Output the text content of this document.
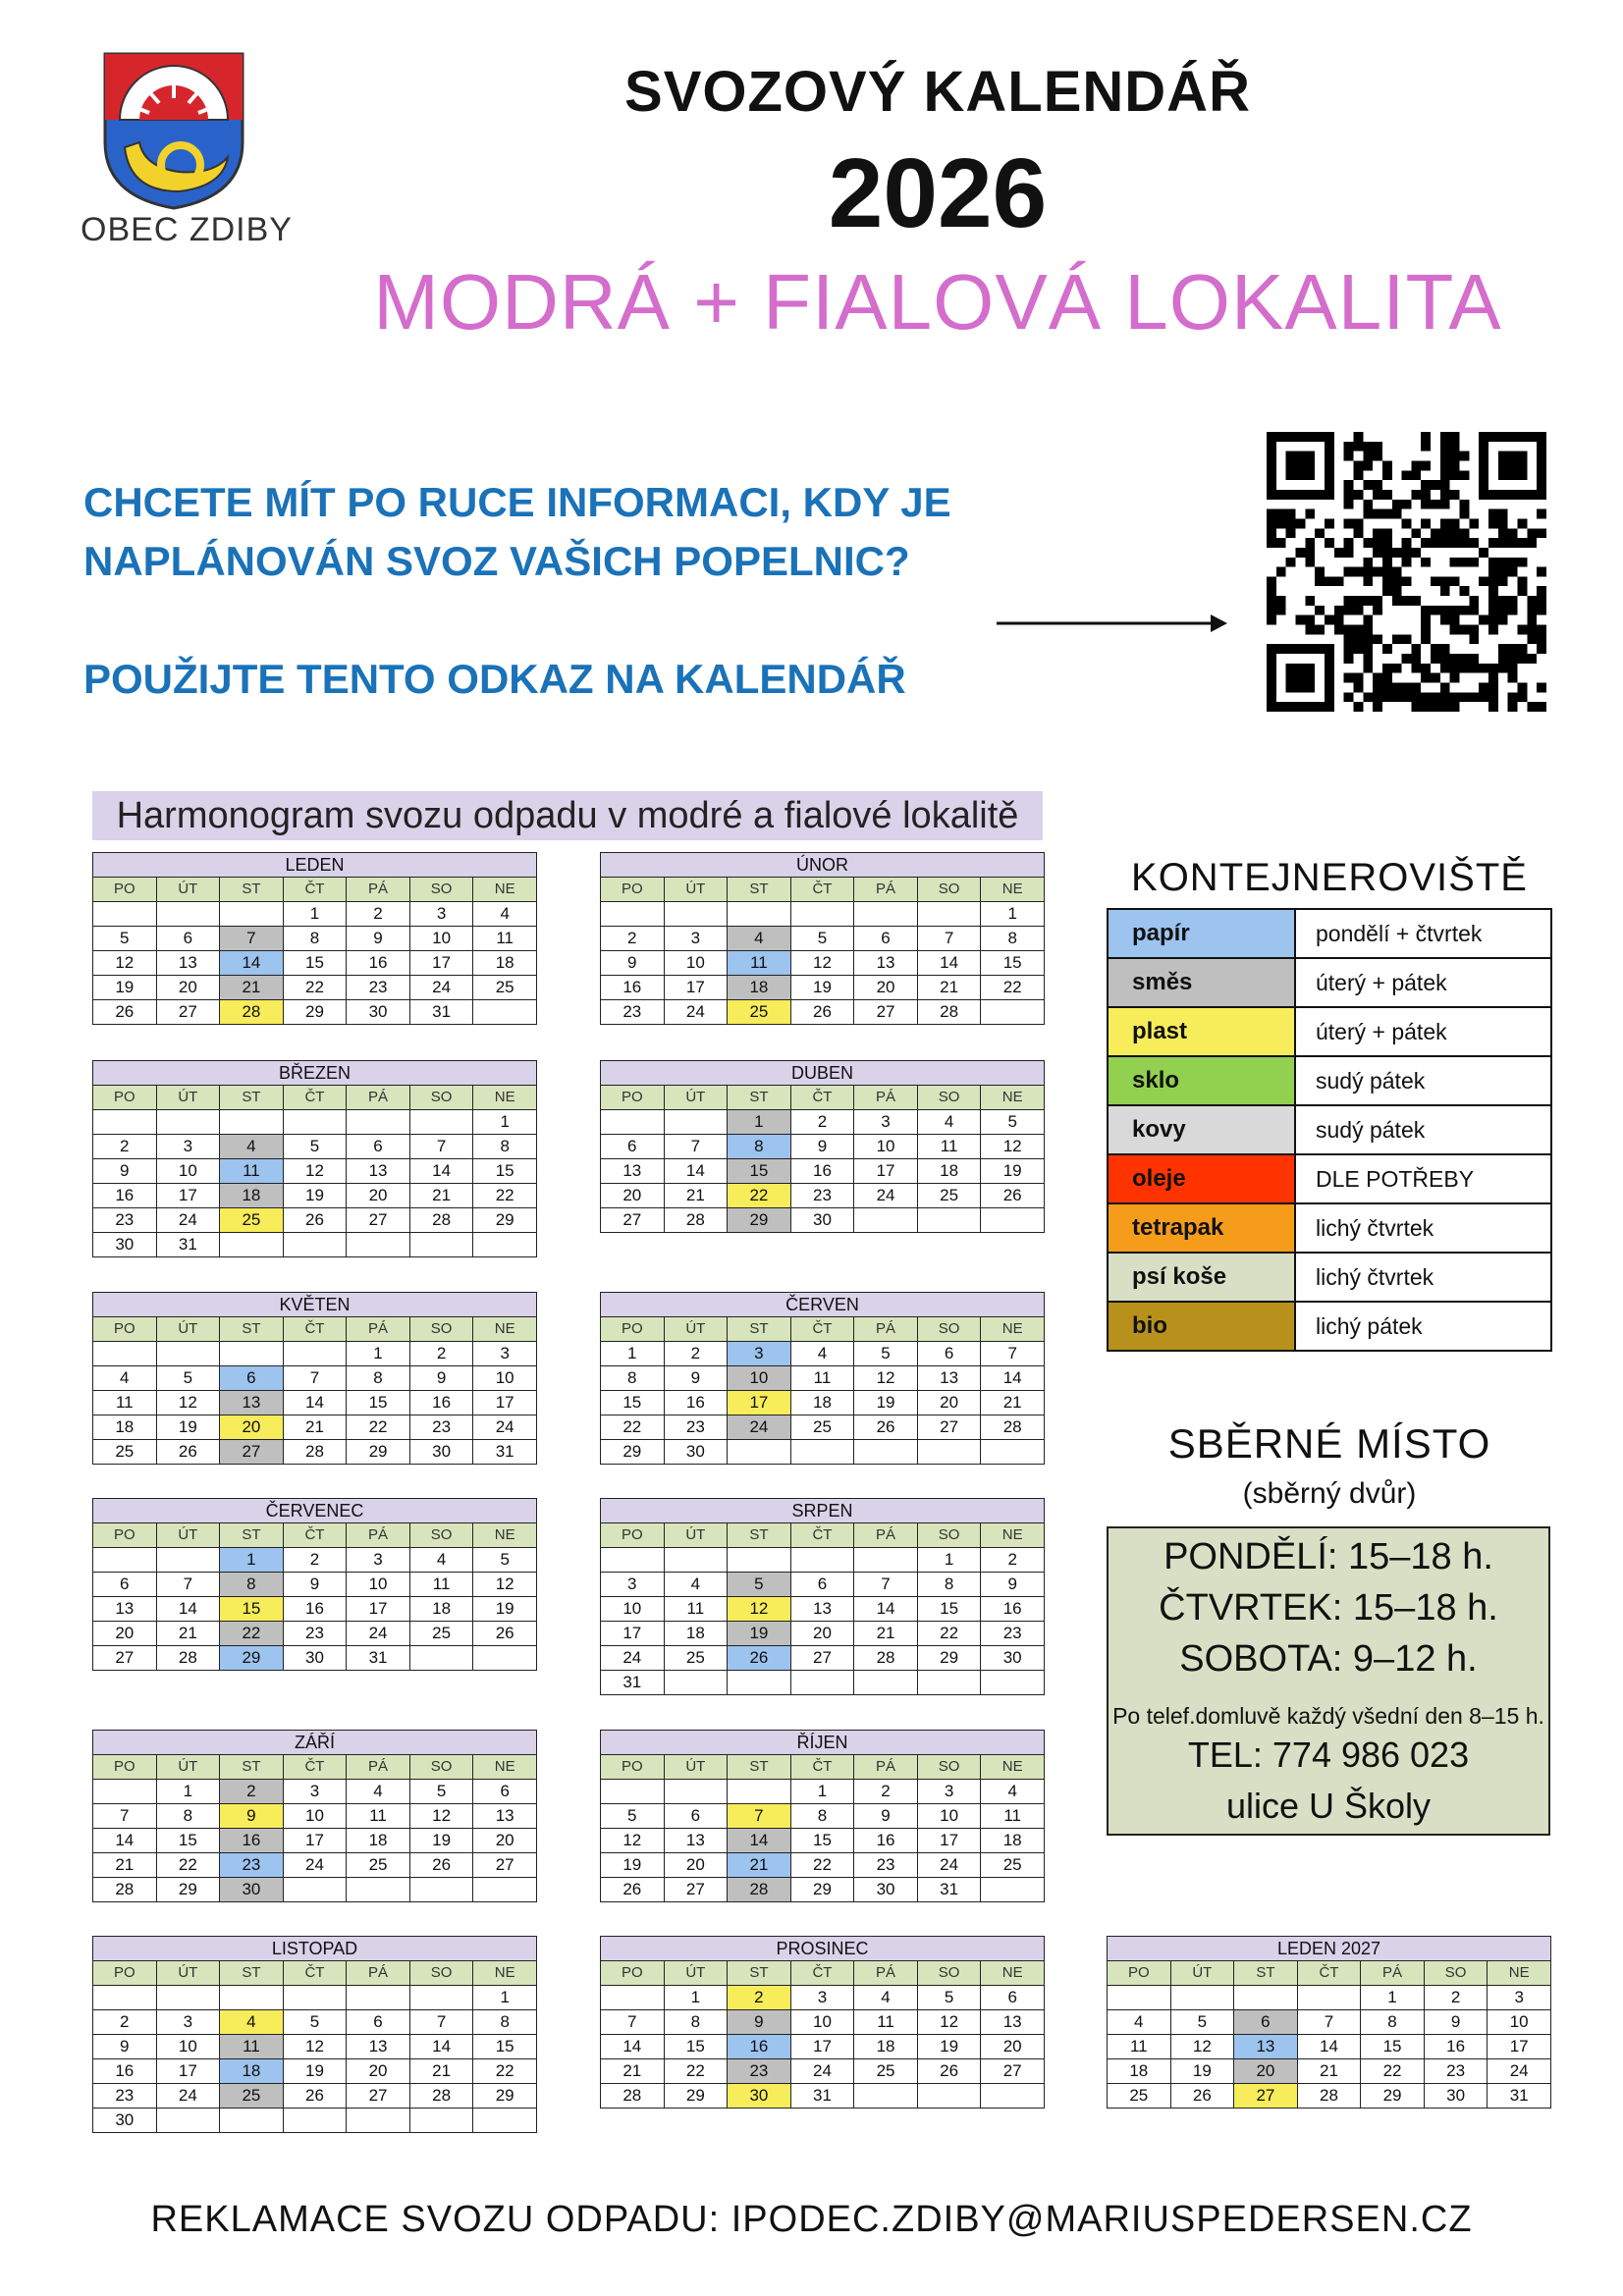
OBEC ZDIBY
SVOZOVÝ KALENDÁŘ
2026
MODRÁ + FIALOVÁ LOKALITA
CHCETE MÍT PO RUCE INFORMACI, KDY JE
NAPLÁNOVÁN SVOZ VAŠICH POPELNIC?
POUŽIJTE TENTO ODKAZ NA KALENDÁŘ
Harmonogram svozu odpadu v modré a fialové lokalitě
LEDEN						
PO	ÚT	ST	ČT	PÁ	SO	NE
			1	2	3	4
5	6	7	8	9	10	11
12	13	14	15	16	17	18
19	20	21	22	23	24	25
26	27	28	29	30	31	
ÚNOR						
PO	ÚT	ST	ČT	PÁ	SO	NE
						1
2	3	4	5	6	7	8
9	10	11	12	13	14	15
16	17	18	19	20	21	22
23	24	25	26	27	28	
BŘEZEN						
PO	ÚT	ST	ČT	PÁ	SO	NE
						1
2	3	4	5	6	7	8
9	10	11	12	13	14	15
16	17	18	19	20	21	22
23	24	25	26	27	28	29
30	31					
DUBEN						
PO	ÚT	ST	ČT	PÁ	SO	NE
		1	2	3	4	5
6	7	8	9	10	11	12
13	14	15	16	17	18	19
20	21	22	23	24	25	26
27	28	29	30			
KVĚTEN						
PO	ÚT	ST	ČT	PÁ	SO	NE
				1	2	3
4	5	6	7	8	9	10
11	12	13	14	15	16	17
18	19	20	21	22	23	24
25	26	27	28	29	30	31
ČERVEN						
PO	ÚT	ST	ČT	PÁ	SO	NE
1	2	3	4	5	6	7
8	9	10	11	12	13	14
15	16	17	18	19	20	21
22	23	24	25	26	27	28
29	30					
ČERVENEC						
PO	ÚT	ST	ČT	PÁ	SO	NE
		1	2	3	4	5
6	7	8	9	10	11	12
13	14	15	16	17	18	19
20	21	22	23	24	25	26
27	28	29	30	31		
SRPEN						
PO	ÚT	ST	ČT	PÁ	SO	NE
					1	2
3	4	5	6	7	8	9
10	11	12	13	14	15	16
17	18	19	20	21	22	23
24	25	26	27	28	29	30
31						
ZÁŘÍ						
PO	ÚT	ST	ČT	PÁ	SO	NE
	1	2	3	4	5	6
7	8	9	10	11	12	13
14	15	16	17	18	19	20
21	22	23	24	25	26	27
28	29	30				
ŘÍJEN						
PO	ÚT	ST	ČT	PÁ	SO	NE
			1	2	3	4
5	6	7	8	9	10	11
12	13	14	15	16	17	18
19	20	21	22	23	24	25
26	27	28	29	30	31	
LISTOPAD						
PO	ÚT	ST	ČT	PÁ	SO	NE
						1
2	3	4	5	6	7	8
9	10	11	12	13	14	15
16	17	18	19	20	21	22
23	24	25	26	27	28	29
30						
PROSINEC						
PO	ÚT	ST	ČT	PÁ	SO	NE
	1	2	3	4	5	6
7	8	9	10	11	12	13
14	15	16	17	18	19	20
21	22	23	24	25	26	27
28	29	30	31			
LEDEN 2027						
PO	ÚT	ST	ČT	PÁ	SO	NE
				1	2	3
4	5	6	7	8	9	10
11	12	13	14	15	16	17
18	19	20	21	22	23	24
25	26	27	28	29	30	31
KONTEJNEROVIŠTĚ
papír	pondělí + čtvrtek
směs	úterý + pátek
plast	úterý + pátek
sklo	sudý pátek
kovy	sudý pátek
oleje	DLE POTŘEBY
tetrapak	lichý čtvrtek
psí koše	lichý čtvrtek
bio	lichý pátek
SBĚRNÉ MÍSTO
(sběrný dvůr)
PONDĚLÍ: 15–18 h.
ČTVRTEK: 15–18 h.
SOBOTA: 9–12 h.
Po telef.domluvě každý všední den 8–15 h.
TEL: 774 986 023
ulice U Školy
REKLAMACE SVOZU ODPADU: IPODEC.ZDIBY@MARIUSPEDERSEN.CZ
